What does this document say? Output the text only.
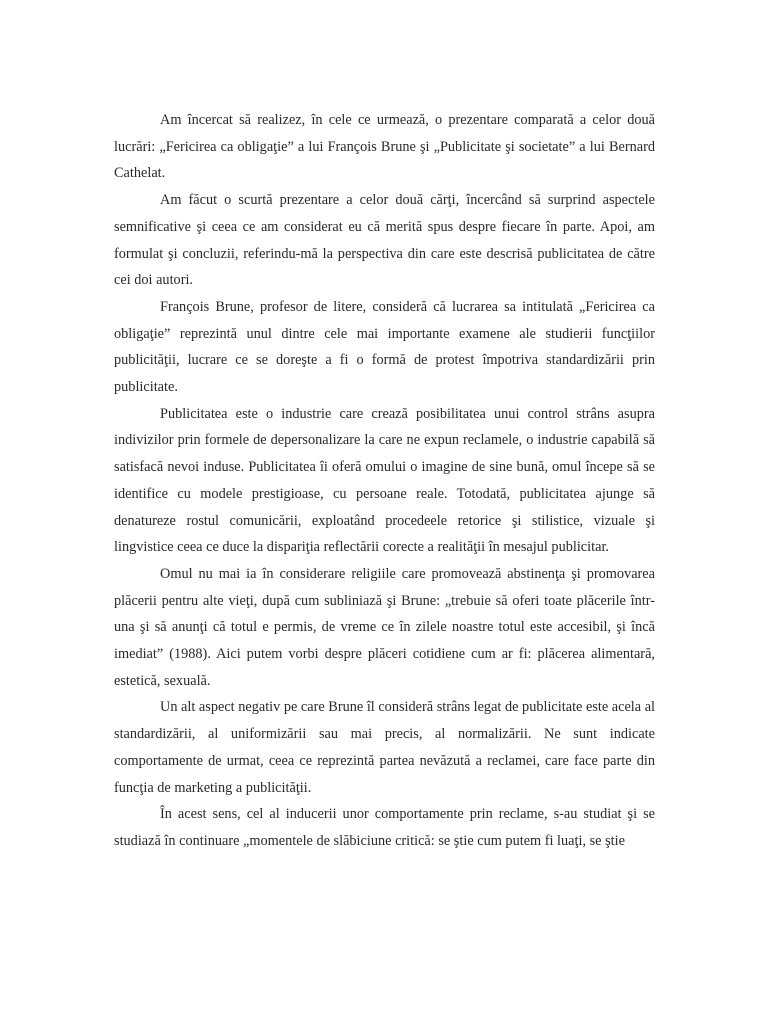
Am încercat să realizez, în cele ce urmează, o prezentare comparată a celor două lucrări: „Fericirea ca obligaţie” a lui François Brune şi „Publicitate şi societate” a lui Bernard Cathelat.

Am făcut o scurtă prezentare a celor două cărţi, încercând să surprind aspectele semnificative şi ceea ce am considerat eu că merită spus despre fiecare în parte. Apoi, am formulat şi concluzii, referindu-mă la perspectiva din care este descrisă publicitatea de către cei doi autori.

François Brune, profesor de litere, consideră că lucrarea sa intitulată „Fericirea ca obligaţie” reprezintă unul dintre cele mai importante examene ale studierii funcţiilor publicităţii, lucrare ce se doreşte a fi o formă de protest împotriva standardizării prin publicitate.

Publicitatea este o industrie care crează posibilitatea unui control strâns asupra indivizilor prin formele de depersonalizare la care ne expun reclamele, o industrie capabilă să satisfacă nevoi induse. Publicitatea îi oferă omului o imagine de sine bună, omul începe să se identifice cu modele prestigioase, cu persoane reale. Totodată, publicitatea ajunge să denatureze rostul comunicării, exploatând procedeele retorice şi stilistice, vizuale şi lingvistice ceea ce duce la dispariţia reflectării corecte a realităţii în mesajul publicitar.

Omul nu mai ia în considerare religiile care promovează abstinenţa şi promovarea plăcerii pentru alte vieţi, după cum subliniază şi Brune: „trebuie să oferi toate plăcerile într-una şi să anunţi că totul e permis, de vreme ce în zilele noastre totul este accesibil, şi încă imediat” (1988). Aici putem vorbi despre plăceri cotidiene cum ar fi: plăcerea alimentară, estetică, sexuală.

Un alt aspect negativ pe care Brune îl consideră strâns legat de publicitate este acela al standardizării, al uniformizării sau mai precis, al normalizării. Ne sunt indicate comportamente de urmat, ceea ce reprezintă partea nevăzută a reclamei, care face parte din funcţia de marketing a publicităţii.

În acest sens, cel al inducerii unor comportamente prin reclame, s-au studiat şi se studiază în continuare „momentele de slăbiciune critică: se ştie cum putem fi luaţi, se ştie
